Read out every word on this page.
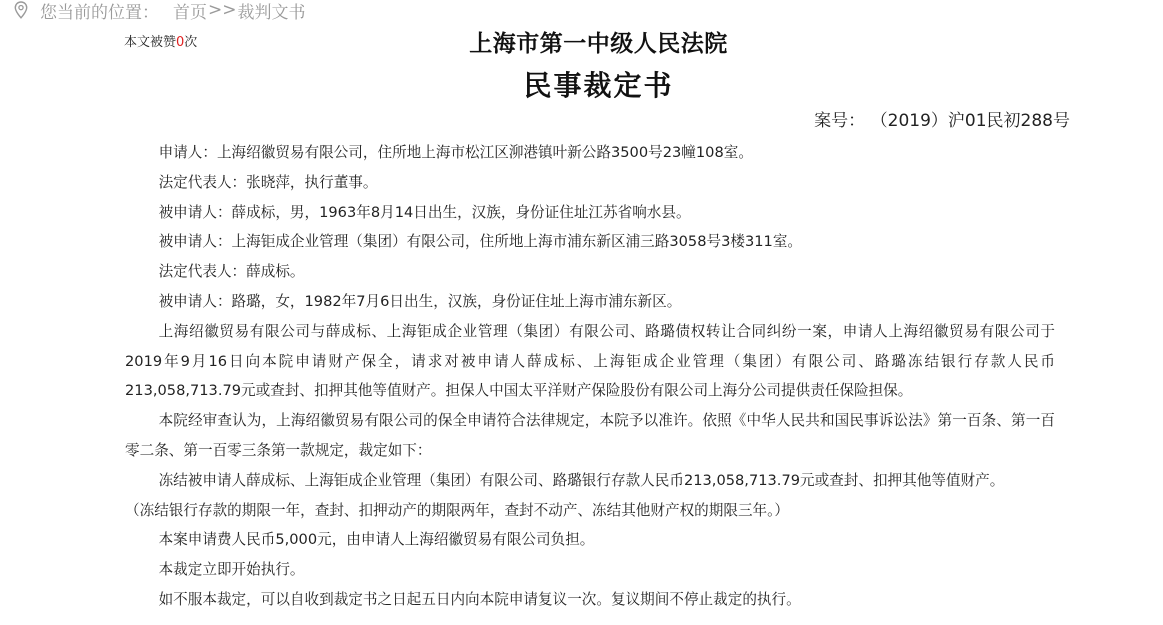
您当前的位置： 首页 >> 裁判文书
本文被赞0次	上海市第一中级人民法院
民事裁定书
案号： （2019）沪01民初288号

申请人：上海绍徽贸易有限公司，住所地上海市松江区泖港镇叶新公路3500号23幢108室。

法定代表人：张晓萍，执行董事。

被申请人：薛成标，男，1963年8月14日出生，汉族，身份证住址江苏省响水县。

被申请人：上海钜成企业管理（集团）有限公司，住所地上海市浦东新区浦三路3058号3楼311室。

法定代表人：薛成标。

被申请人：路璐，女，1982年7月6日出生，汉族，身份证住址上海市浦东新区。

上海绍徽贸易有限公司与薛成标、上海钜成企业管理（集团）有限公司、路璐债权转让合同纠纷一案，申请人上海绍徽贸易有限公司于2019年9月16日向本院申请财产保全，请求对被申请人薛成标、上海钜成企业管理（集团）有限公司、路璐冻结银行存款人民币213,058,713.79元或查封、扣押其他等值财产。担保人中国太平洋财产保险股份有限公司上海分公司提供责任保险担保。

本院经审查认为，上海绍徽贸易有限公司的保全申请符合法律规定，本院予以准许。依照《中华人民共和国民事诉讼法》第一百条、第一百零二条、第一百零三条第一款规定，裁定如下：

冻结被申请人薛成标、上海钜成企业管理（集团）有限公司、路璐银行存款人民币213,058,713.79元或查封、扣押其他等值财产。

（冻结银行存款的期限一年，查封、扣押动产的期限两年，查封不动产、冻结其他财产权的期限三年。）

本案申请费人民币5,000元，由申请人上海绍徽贸易有限公司负担。

本裁定立即开始执行。

如不服本裁定，可以自收到裁定书之日起五日内向本院申请复议一次。复议期间不停止裁定的执行。
